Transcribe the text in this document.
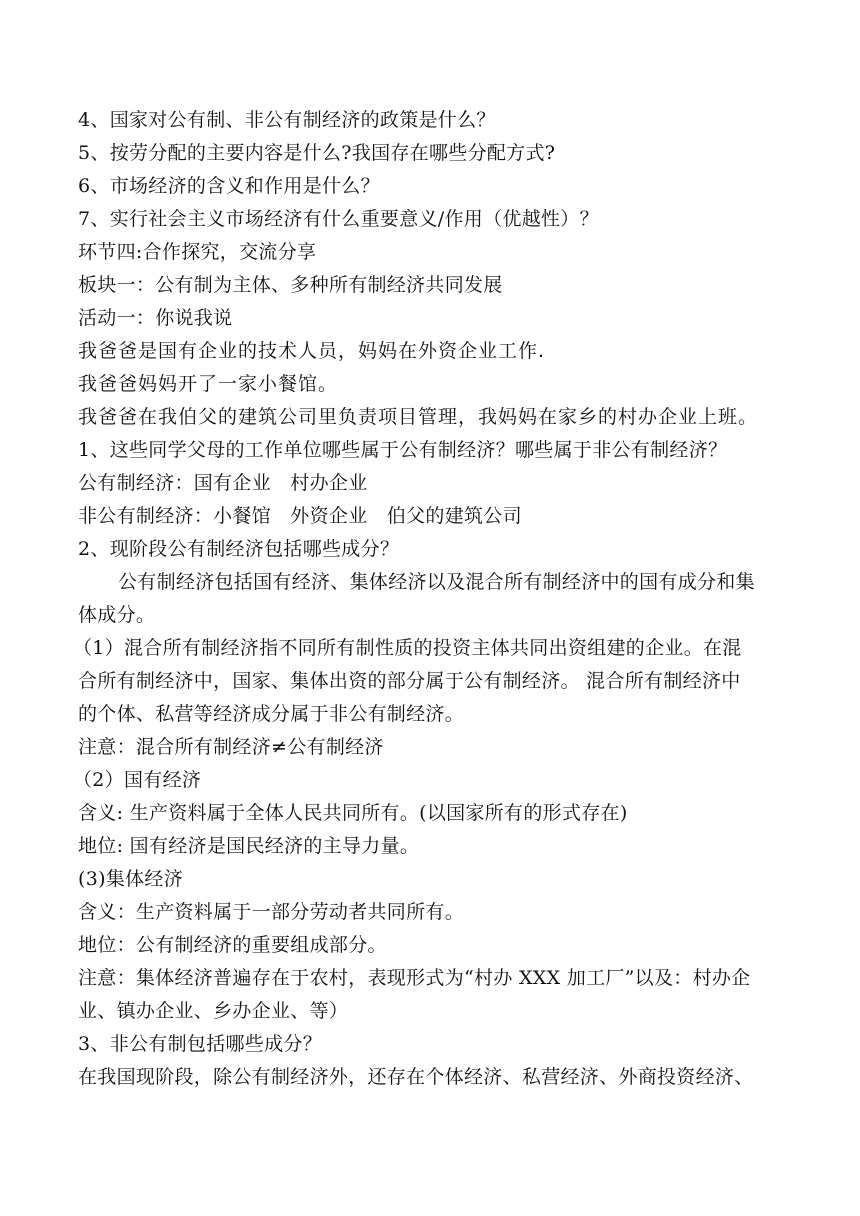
4、国家对公有制、非公有制经济的政策是什么？
5、按劳分配的主要内容是什么?我国存在哪些分配方式?
6、市场经济的含义和作用是什么？
7、实行社会主义市场经济有什么重要意义/作用（优越性）？
环节四:合作探究，交流分享
板块一：公有制为主体、多种所有制经济共同发展
活动一：你说我说
我爸爸是国有企业的技术人员，妈妈在外资企业工作.
我爸爸妈妈开了一家小餐馆。
我爸爸在我伯父的建筑公司里负责项目管理，我妈妈在家乡的村办企业上班。
1、这些同学父母的工作单位哪些属于公有制经济？哪些属于非公有制经济？
公有制经济：国有企业　村办企业
非公有制经济：小餐馆　外资企业　伯父的建筑公司
2、现阶段公有制经济包括哪些成分？
公有制经济包括国有经济、集体经济以及混合所有制经济中的国有成分和集
体成分。
（1）混合所有制经济指不同所有制性质的投资主体共同出资组建的企业。在混
合所有制经济中，国家、集体出资的部分属于公有制经济。 混合所有制经济中
的个体、私营等经济成分属于非公有制经济。
注意：混合所有制经济≠公有制经济
（2）国有经济
含义: 生产资料属于全体人民共同所有。(以国家所有的形式存在)
地位: 国有经济是国民经济的主导力量。
(3)集体经济
含义：生产资料属于一部分劳动者共同所有。
地位：公有制经济的重要组成部分。
注意：集体经济普遍存在于农村，表现形式为“村办 XXX 加工厂”以及：村办企
业、镇办企业、乡办企业、等）
3、非公有制包括哪些成分？
在我国现阶段，除公有制经济外，还存在个体经济、私营经济、外商投资经济、
